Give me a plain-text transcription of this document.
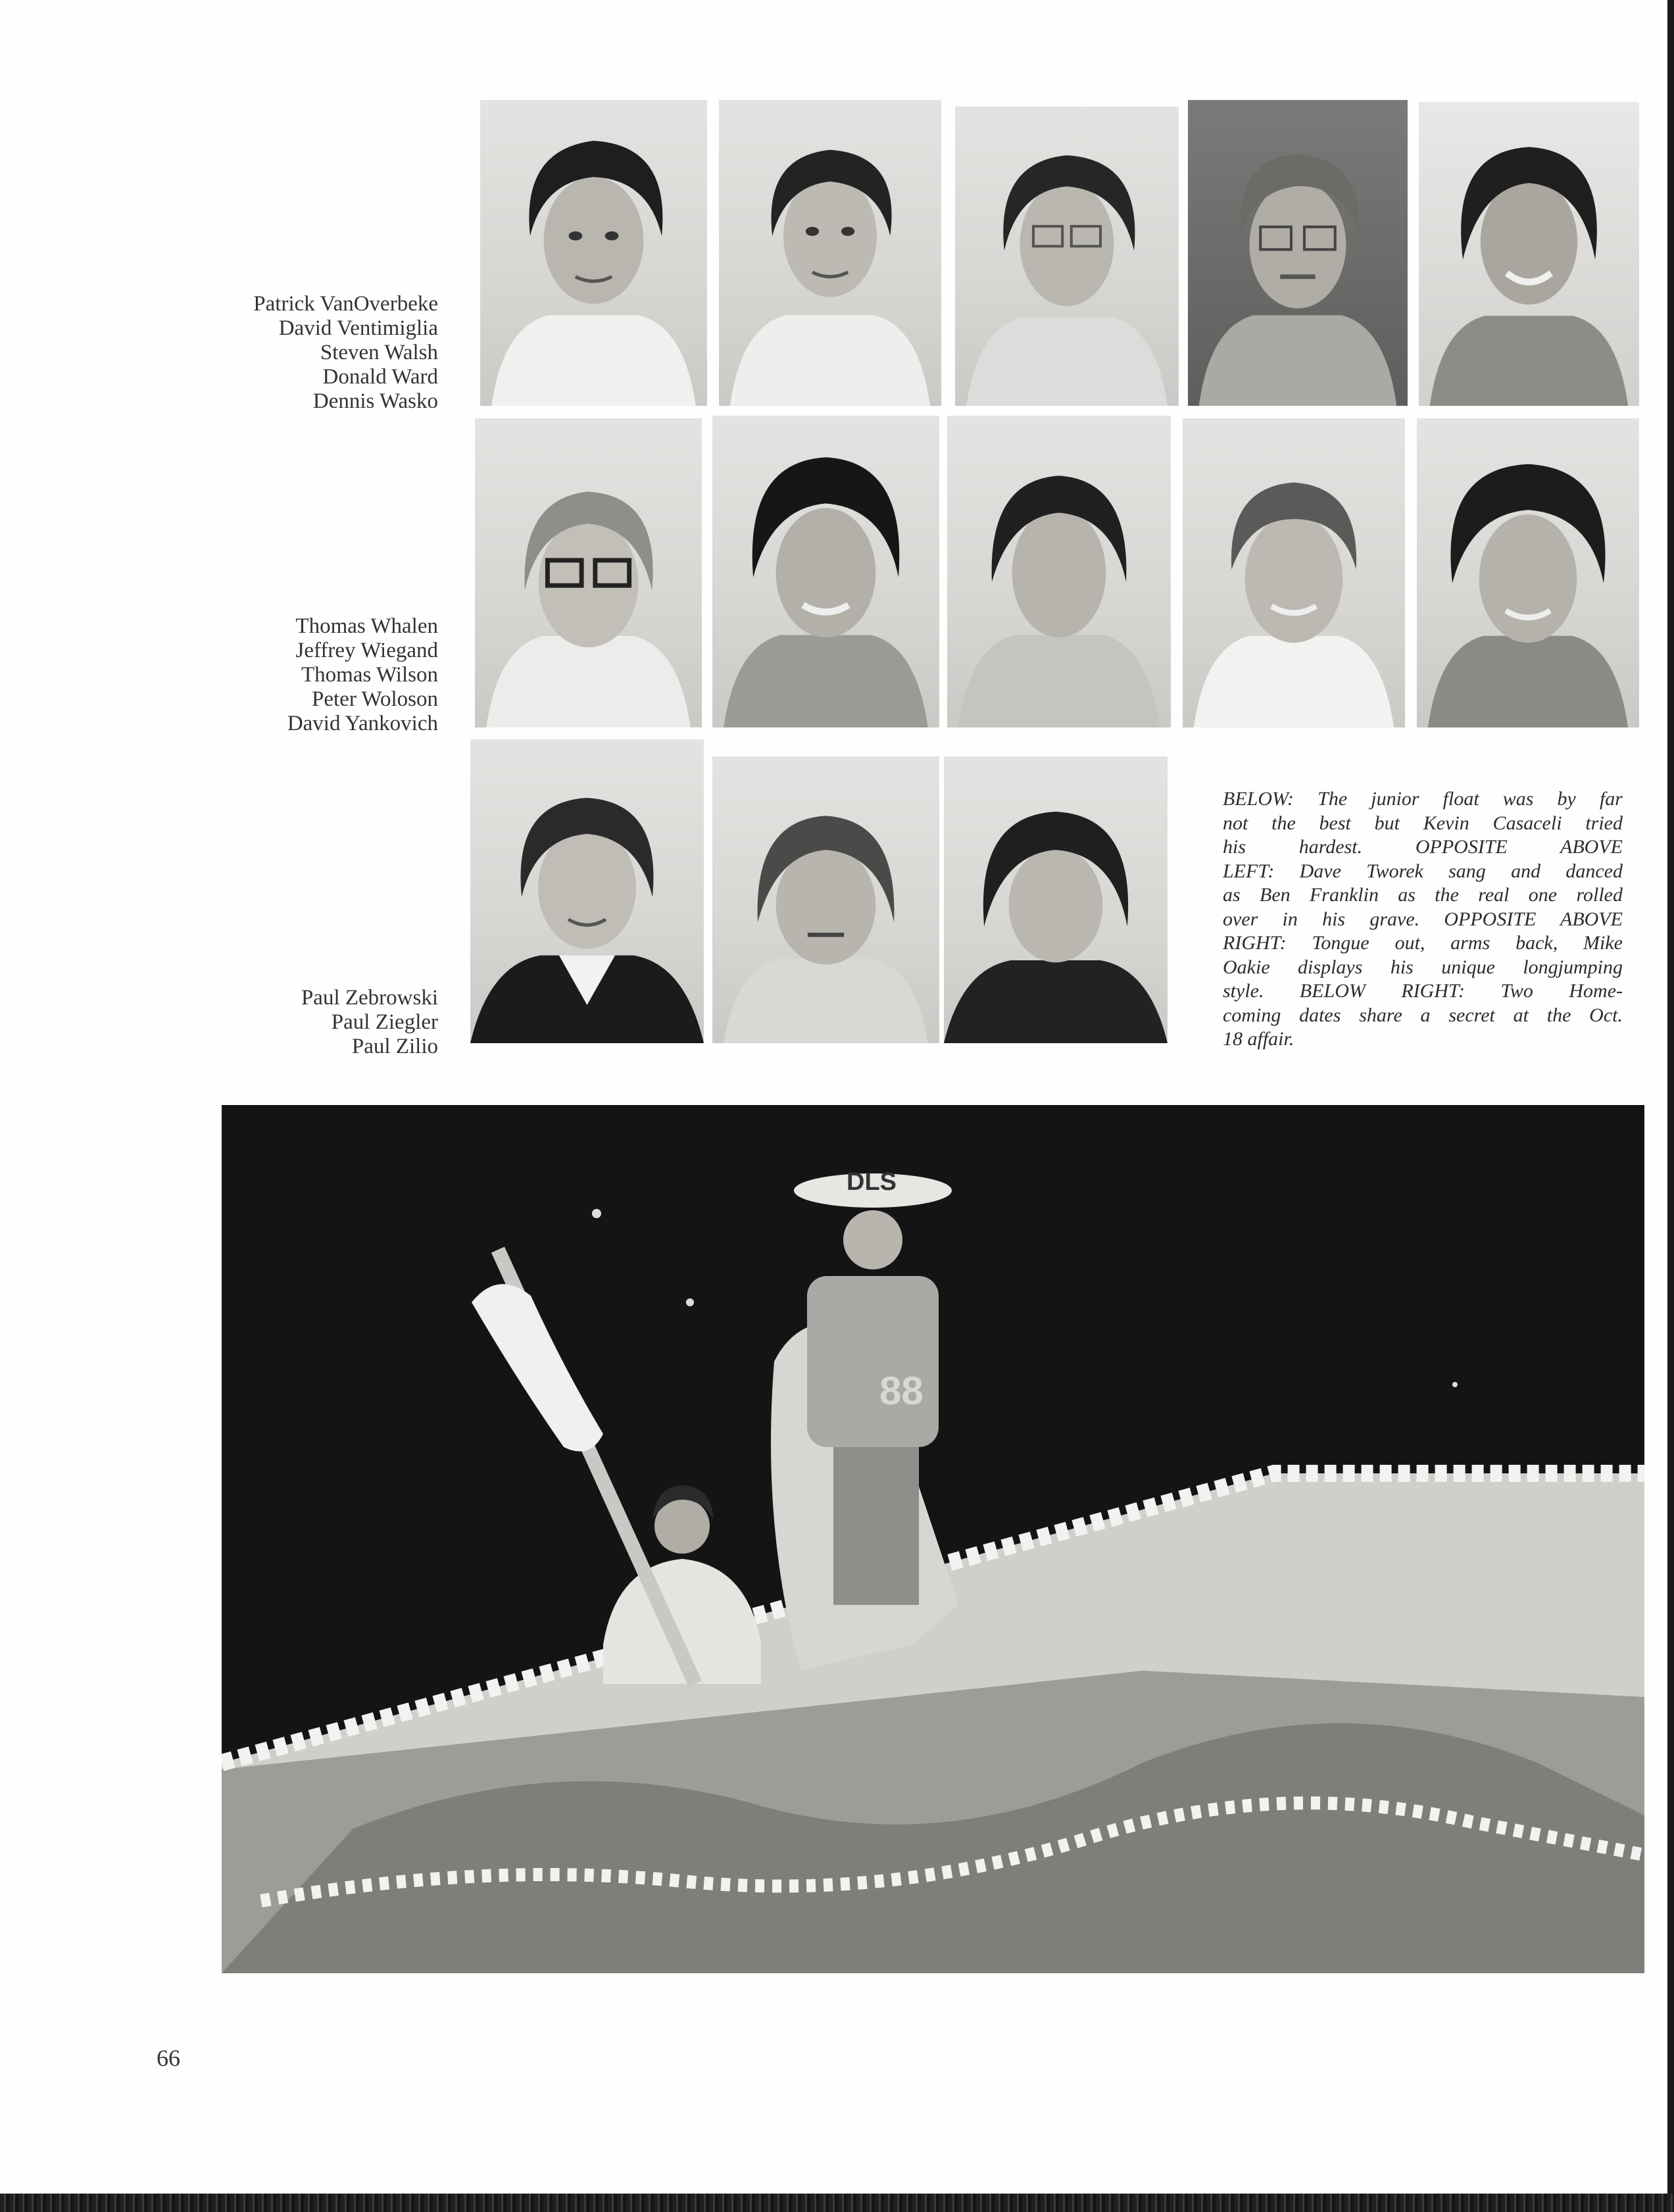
Patrick VanOverbeke
David Ventimiglia
Steven Walsh
Donald Ward
Dennis Wasko
Thomas Whalen
Jeffrey Wiegand
Thomas Wilson
Peter Woloson
David Yankovich
Paul Zebrowski
Paul Ziegler
Paul Zilio
BELOW: The junior float was by far
not the best but Kevin Casaceli tried
his hardest. OPPOSITE ABOVE
LEFT: Dave Tworek sang and danced
as Ben Franklin as the real one rolled
over in his grave. OPPOSITE ABOVE
RIGHT: Tongue out, arms back, Mike
Oakie displays his unique longjumping
style. BELOW RIGHT: Two Home-
coming dates share a secret at the Oct.
18 affair.
DLS
88
66
